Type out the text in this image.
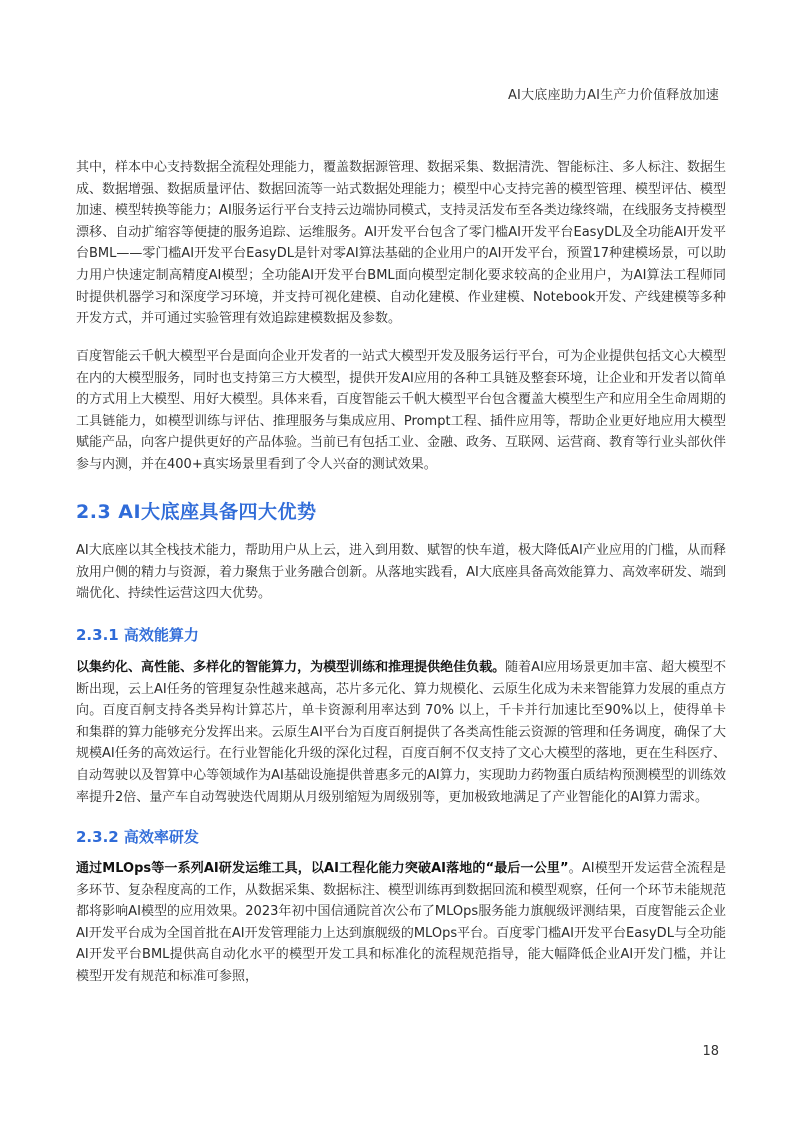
AI大底座助力AI生产力价值释放加速

其中，样本中心支持数据全流程处理能力，覆盖数据源管理、数据采集、数据清洗、智能标注、多人标注、数据生成、数据增强、数据质量评估、数据回流等一站式数据处理能力；模型中心支持完善的模型管理、模型评估、模型加速、模型转换等能力；AI服务运行平台支持云边端协同模式，支持灵活发布至各类边缘终端，在线服务支持模型漂移、自动扩缩容等便捷的服务追踪、运维服务。AI开发平台包含了零门槛AI开发平台EasyDL及全功能AI开发平台BML——零门槛AI开发平台EasyDL是针对零AI算法基础的企业用户的AI开发平台，预置17种建模场景，可以助力用户快速定制高精度AI模型；全功能AI开发平台BML面向模型定制化要求较高的企业用户，为AI算法工程师同时提供机器学习和深度学习环境，并支持可视化建模、自动化建模、作业建模、Notebook开发、产线建模等多种开发方式，并可通过实验管理有效追踪建模数据及参数。

百度智能云千帆大模型平台是面向企业开发者的一站式大模型开发及服务运行平台，可为企业提供包括文心大模型在内的大模型服务，同时也支持第三方大模型，提供开发AI应用的各种工具链及整套环境，让企业和开发者以简单的方式用上大模型、用好大模型。具体来看，百度智能云千帆大模型平台包含覆盖大模型生产和应用全生命周期的工具链能力，如模型训练与评估、推理服务与集成应用、Prompt工程、插件应用等，帮助企业更好地应用大模型赋能产品，向客户提供更好的产品体验。当前已有包括工业、金融、政务、互联网、运营商、教育等行业头部伙伴参与内测，并在400+真实场景里看到了令人兴奋的测试效果。

2.3 AI大底座具备四大优势

AI大底座以其全栈技术能力，帮助用户从上云，进入到用数、赋智的快车道，极大降低AI产业应用的门槛，从而释放用户侧的精力与资源，着力聚焦于业务融合创新。从落地实践看，AI大底座具备高效能算力、高效率研发、端到端优化、持续性运营这四大优势。

2.3.1 高效能算力

以集约化、高性能、多样化的智能算力，为模型训练和推理提供绝佳负载。随着AI应用场景更加丰富、超大模型不断出现，云上AI任务的管理复杂性越来越高，芯片多元化、算力规模化、云原生化成为未来智能算力发展的重点方向。百度百舸支持各类异构计算芯片，单卡资源利用率达到 70% 以上，千卡并行加速比至90%以上，使得单卡和集群的算力能够充分发挥出来。云原生AI平台为百度百舸提供了各类高性能云资源的管理和任务调度，确保了大规模AI任务的高效运行。在行业智能化升级的深化过程，百度百舸不仅支持了文心大模型的落地，更在生科医疗、自动驾驶以及智算中心等领域作为AI基础设施提供普惠多元的AI算力，实现助力药物蛋白质结构预测模型的训练效率提升2倍、量产车自动驾驶迭代周期从月级别缩短为周级别等，更加极致地满足了产业智能化的AI算力需求。

2.3.2 高效率研发

通过MLOps等一系列AI研发运维工具，以AI工程化能力突破AI落地的“最后一公里”。AI模型开发运营全流程是多环节、复杂程度高的工作，从数据采集、数据标注、模型训练再到数据回流和模型观察，任何一个环节未能规范都将影响AI模型的应用效果。2023年初中国信通院首次公布了MLOps服务能力旗舰级评测结果，百度智能云企业AI开发平台成为全国首批在AI开发管理能力上达到旗舰级的MLOps平台。百度零门槛AI开发平台EasyDL与全功能AI开发平台BML提供高自动化水平的模型开发工具和标准化的流程规范指导，能大幅降低企业AI开发门槛，并让模型开发有规范和标准可参照，

18
